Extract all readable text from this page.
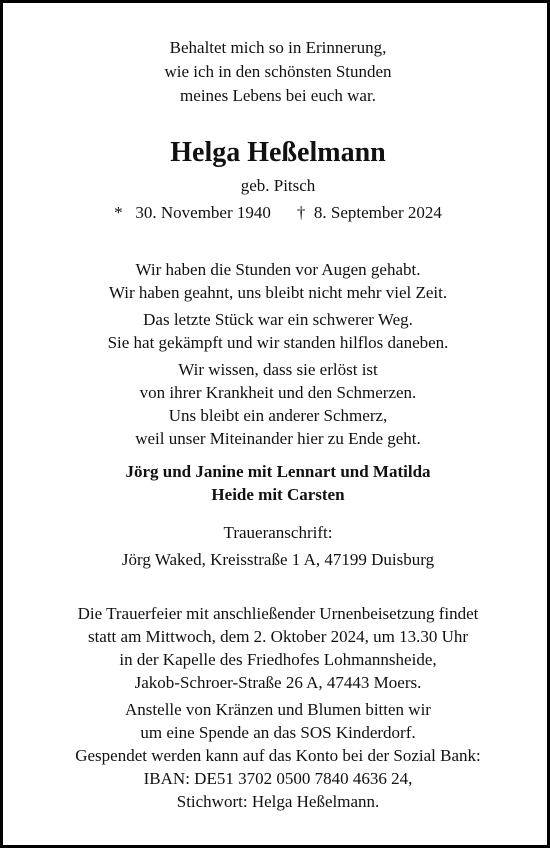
Behaltet mich so in Erinnerung,
wie ich in den schönsten Stunden
meines Lebens bei euch war.
Helga Heßelmann
geb. Pitsch
* 30. November 1940 † 8. September 2024
Wir haben die Stunden vor Augen gehabt.
Wir haben geahnt, uns bleibt nicht mehr viel Zeit.
Das letzte Stück war ein schwerer Weg.
Sie hat gekämpft und wir standen hilflos daneben.
Wir wissen, dass sie erlöst ist
von ihrer Krankheit und den Schmerzen.
Uns bleibt ein anderer Schmerz,
weil unser Miteinander hier zu Ende geht.
Jörg und Janine mit Lennart und Matilda
Heide mit Carsten
Traueranschrift:
Jörg Waked, Kreisstraße 1 A, 47199 Duisburg
Die Trauerfeier mit anschließender Urnenbeisetzung findet
statt am Mittwoch, dem 2. Oktober 2024, um 13.30 Uhr
in der Kapelle des Friedhofes Lohmannsheide,
Jakob-Schroer-Straße 26 A, 47443 Moers.
Anstelle von Kränzen und Blumen bitten wir
um eine Spende an das SOS Kinderdorf.
Gespendet werden kann auf das Konto bei der Sozial Bank:
IBAN: DE51 3702 0500 7840 4636 24,
Stichwort: Helga Heßelmann.
